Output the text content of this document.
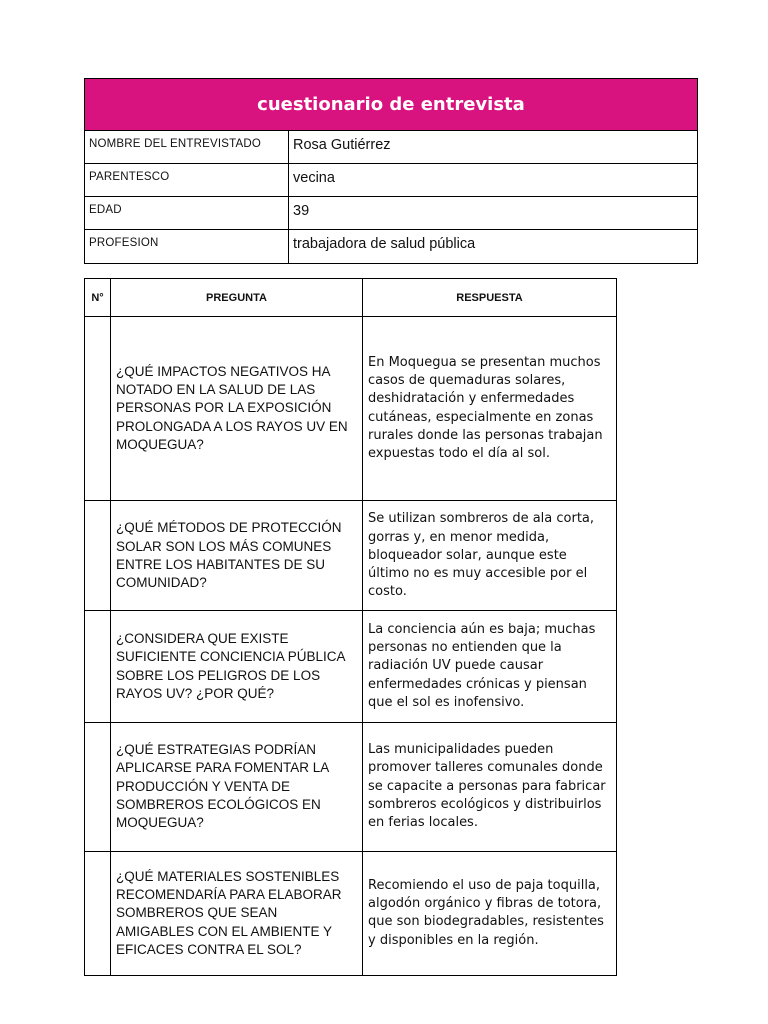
cuestionario de entrevista
NOMBRE DEL ENTREVISTADO	Rosa Gutiérrez
PARENTESCO	vecina
EDAD	39
PROFESION	trabajadora de salud pública
N°	PREGUNTA	RESPUESTA
	¿QUÉ IMPACTOS NEGATIVOS HA NOTADO EN LA SALUD DE LAS PERSONAS POR LA EXPOSICIÓN PROLONGADA A LOS RAYOS UV EN MOQUEGUA?	En Moquegua se presentan muchos casos de quemaduras solares, deshidratación y enfermedades cutáneas, especialmente en zonas rurales donde las personas trabajan expuestas todo el día al sol.
	¿QUÉ MÉTODOS DE PROTECCIÓN SOLAR SON LOS MÁS COMUNES ENTRE LOS HABITANTES DE SU COMUNIDAD?	Se utilizan sombreros de ala corta, gorras y, en menor medida, bloqueador solar, aunque este último no es muy accesible por el costo.
	¿CONSIDERA QUE EXISTE SUFICIENTE CONCIENCIA PÚBLICA SOBRE LOS PELIGROS DE LOS RAYOS UV? ¿POR QUÉ?	La conciencia aún es baja; muchas personas no entienden que la radiación UV puede causar enfermedades crónicas y piensan que el sol es inofensivo.
	¿QUÉ ESTRATEGIAS PODRÍAN APLICARSE PARA FOMENTAR LA PRODUCCIÓN Y VENTA DE SOMBREROS ECOLÓGICOS EN MOQUEGUA?	Las municipalidades pueden promover talleres comunales donde se capacite a personas para fabricar sombreros ecológicos y distribuirlos en ferias locales.
	¿QUÉ MATERIALES SOSTENIBLES RECOMENDARÍA PARA ELABORAR SOMBREROS QUE SEAN AMIGABLES CON EL AMBIENTE Y EFICACES CONTRA EL SOL?	Recomiendo el uso de paja toquilla, algodón orgánico y fibras de totora, que son biodegradables, resistentes y disponibles en la región.
